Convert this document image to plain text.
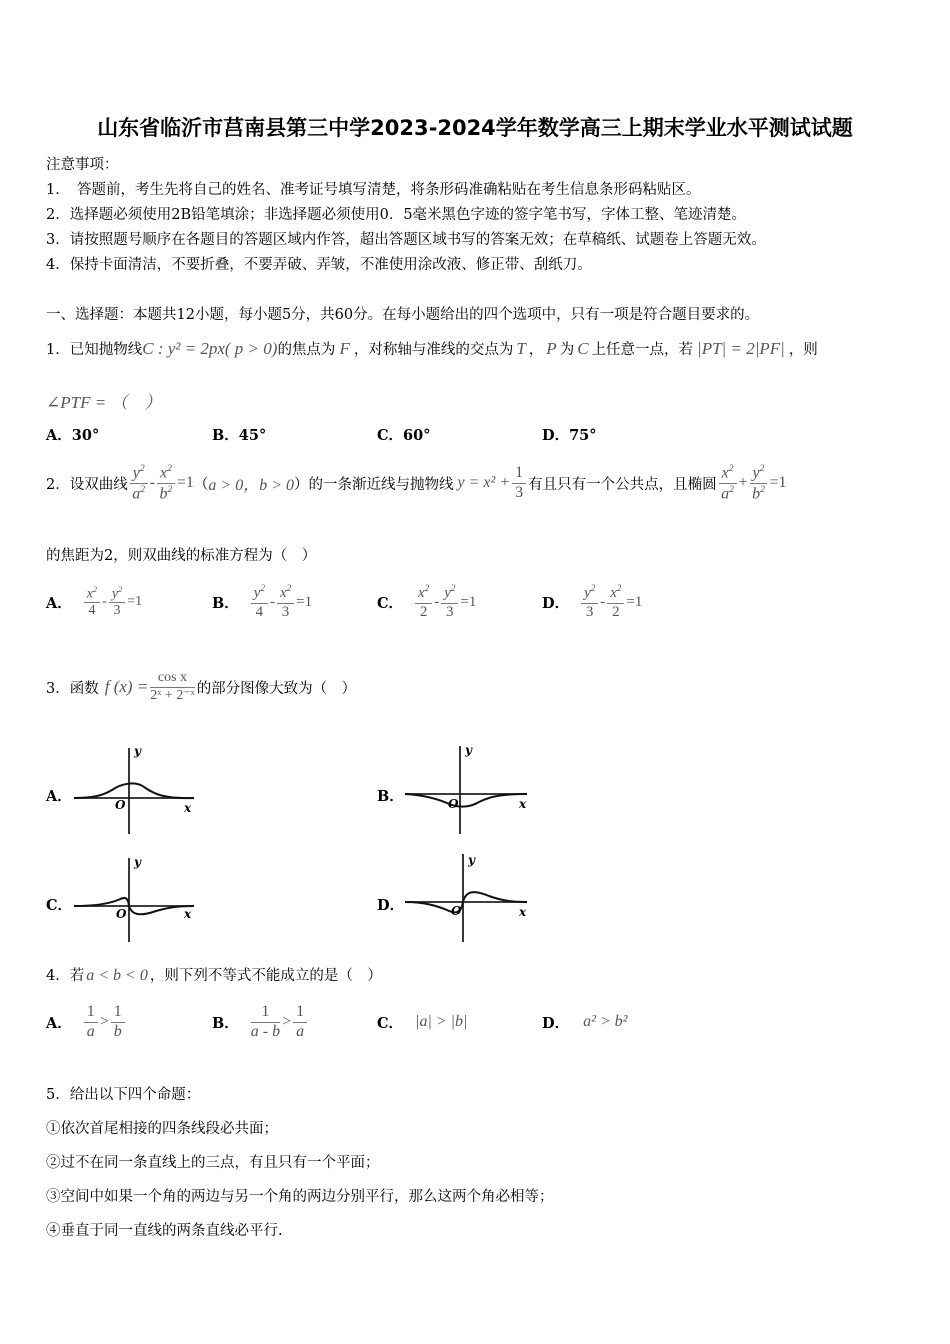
山东省临沂市莒南县第三中学2023-2024学年数学高三上期末学业水平测试试题
注意事项：
1．　答题前，考生先将自己的姓名、准考证号填写清楚，将条形码准确粘贴在考生信息条形码粘贴区。
2．选择题必须使用2B铅笔填涂；非选择题必须使用0．5毫米黑色字迹的签字笔书写，字体工整、笔迹清楚。
3．请按照题号顺序在各题目的答题区域内作答，超出答题区域书写的答案无效；在草稿纸、试题卷上答题无效。
4．保持卡面清洁，不要折叠，不要弄破、弄皱，不准使用涂改液、修正带、刮纸刀。
一、选择题：本题共12小题，每小题5分，共60分。在每小题给出的四个选项中，只有一项是符合题目要求的。
1．已知抛物线C : y² = 2px( p > 0)的焦点为 F ，对称轴与准线的交点为 T ， P 为 C 上任意一点，若 |PT| = 2|PF| ，则
∠PTF = （　）
A．30°	B．45°	C．60°	D．75°
2．设双曲线 $\frac{y^2}{a^2} - \frac{x^2}{b^2} =1$ （ a > 0，b > 0 ）的一条渐近线与抛物线 $y = x^2 + \frac{1}{3}$ 有且只有一个公共点，且椭圆 $\frac{x^2}{a^2} + \frac{y^2}{b^2} =1$
的焦距为2，则双曲线的标准方程为（　）
A． $\frac{x^2}{4} - \frac{y^2}{3} =1$	B． $\frac{y^2}{4} - \frac{x^2}{3} =1$	C． $\frac{x^2}{2} - \frac{y^2}{3} =1$	D． $\frac{y^2}{3} - \frac{x^2}{2} =1$
3．函数 f $(x) = \frac{\text{cos x}}{\text{2ˣ + 2⁻ˣ}}$ 的部分图像大致为（　）
A．	B．
C．	D．
y
x
O
y
x
O
y
x
O
y
x
O
4．若 a < b < 0 ，则下列不等式不能成立的是（　）
A． $\frac{1}{a} > \frac{1}{b}$	B． $\frac{1}{a - b} > \frac{1}{a}$	C． |a| > |b|	D． a² > b²
5．给出以下四个命题：
①依次首尾相接的四条线段必共面；
②过不在同一条直线上的三点，有且只有一个平面；
③空间中如果一个角的两边与另一个角的两边分别平行，那么这两个角必相等；
④垂直于同一直线的两条直线必平行.
